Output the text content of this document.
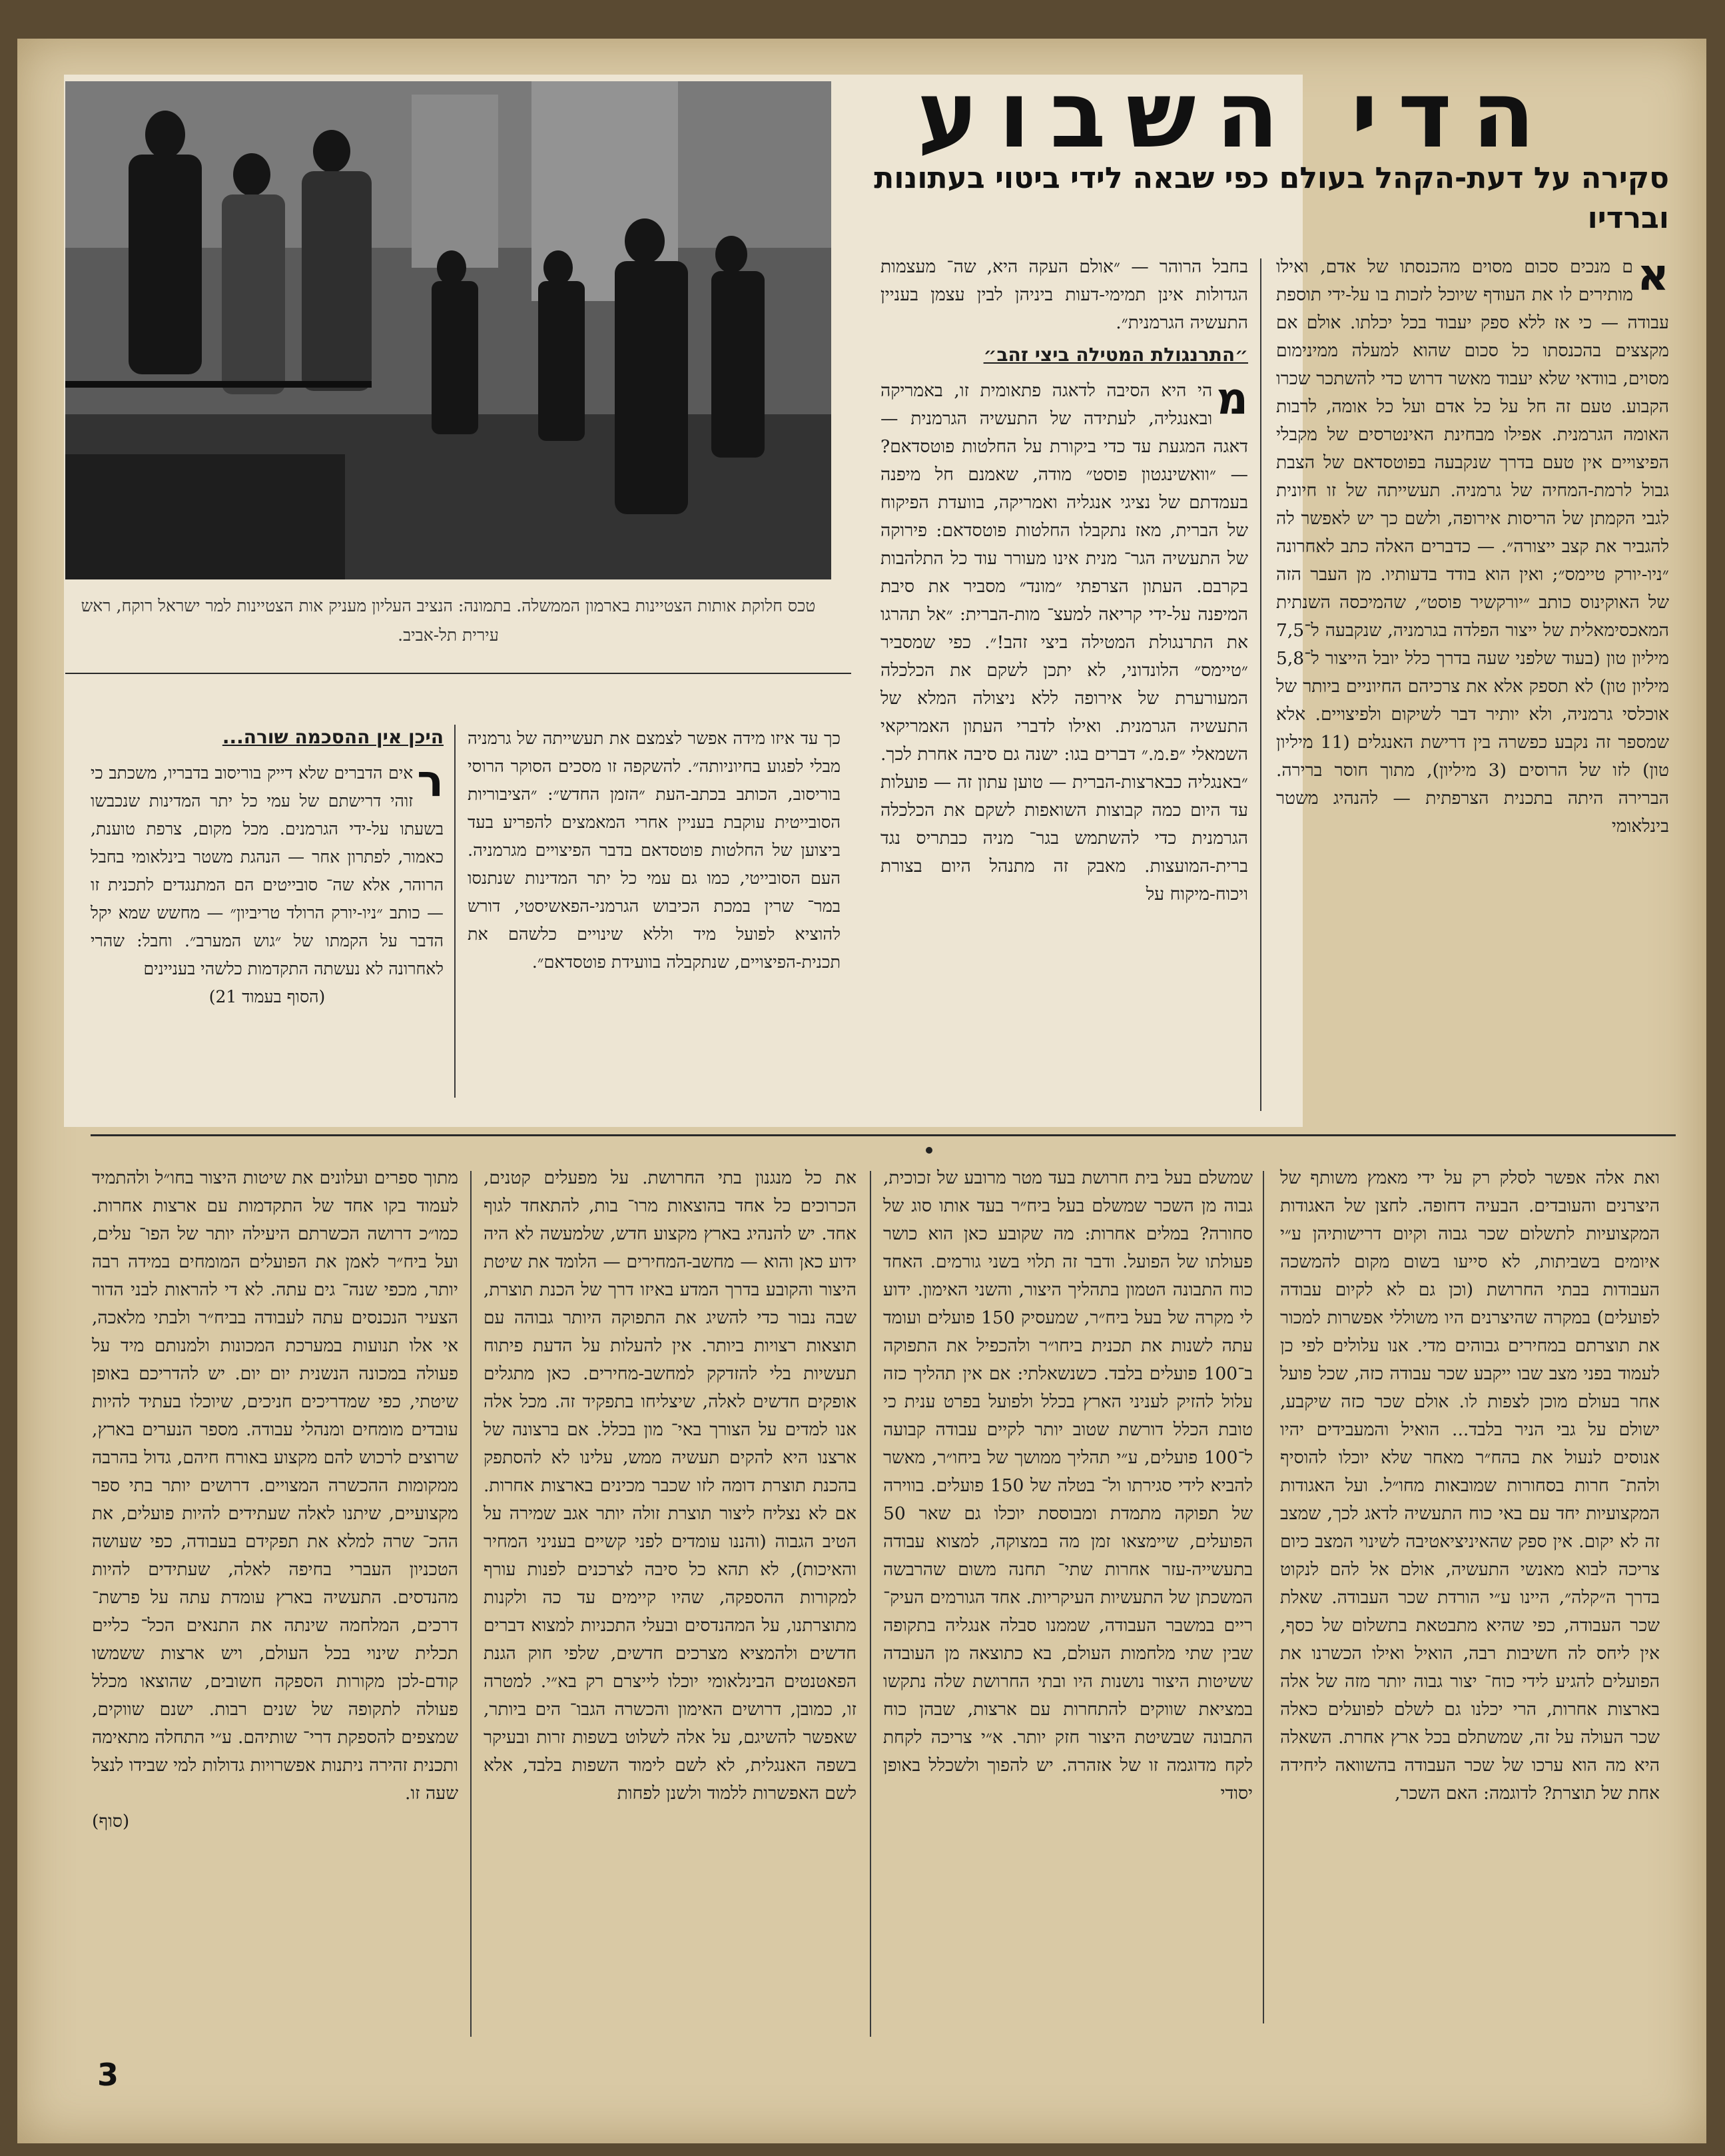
טכס חלוקת אותות הצטיינות בארמון הממשלה. בתמונה: הנציב העליון מעניק אות הצטיינות למר ישראל רוקח, ראש עירית תל-אביב.
הדי השבוע
סקירה על דעת-הקהל בעולם כפי שבאה לידי ביטוי בעתונות וברדיו
א

ם מנכים סכום מסוים מהכנסתו של אדם, ואילו מותירים לו את העודף שיוכל לזכות בו על-ידי תוספת עבודה — כי אז ללא ספק יעבוד בכל יכלתו. אולם אם מקצצים בהכנסתו כל סכום שהוא למעלה ממינימום מסוים, בוודאי שלא יעבוד מאשר דרוש כדי להשתכר שכרו הקבוע. טעם זה חל על כל אדם ועל כל אומה, לרבות האומה הגרמנית. אפילו מבחינת האינטרסים של מקבלי הפיצויים אין טעם בדרך שנקבעה בפוטסדאם של הצבת גבול לרמת-המחיה של גרמניה. תעשייתה של זו חיונית לגבי הקמתן של הריסות אירופה, ולשם כך יש לאפשר לה להגביר את קצב ייצורה״. — כדברים האלה כתב לאחרונה ״ניו-יורק טיימס״; ואין הוא בודד בדעותיו. מן העבר הזה של האוקינוס כותב ״יורקשיר פוסט״, שהמיכסה השנתית המאכסימאלית של ייצור הפלדה בגרמניה, שנקבעה ל־7,5 מיליון טון (בעוד שלפני שעה בדרך כלל יובל הייצור ל־5,8 מיליון טון) לא תספק אלא את צרכיהם החיוניים ביותר של אוכלסי גרמניה, ולא יותיר דבר לשיקום ולפיצויים. אלא שמספר זה נקבע כפשרה בין דרישת האנגלים (11 מיליון טון) לזו של הרוסים (3 מיליון), מתוך חוסר ברירה. הברירה היתה בתכנית הצרפתית — להנהיג משטר בינלאומי

בחבל הרוהר — ״אולם העקה היא, שה־ מעצמות הגדולות אינן תמימי-דעות ביניהן לבין עצמן בעניין התעשיה הגרמנית״.

״התרנגולת המטילה ביצי זהב״
מ

הי היא הסיבה לדאגה פתאומית זו, באמריקה ובאנגליה, לעתידה של התעשיה הגרמנית — דאגה המגעת עד כדי ביקורת על החלטות פוטסדאם? — ״וואשינגטון פוסט״ מודה, שאמנם חל מיפנה בעמדתם של נציגי אנגליה ואמריקה, בוועדת הפיקוח של הברית, מאז נתקבלו החלטות פוטסדאם: פירוקה של התעשיה הגר־ מנית אינו מעורר עוד כל התלהבות בקרבם. העתון הצרפתי ״מונד״ מסביר את סיבת המיפנה על-ידי קריאה למעצ־ מות-הברית: ״אל תהרגו את התרנגולת המטילה ביצי זהב!״. כפי שמסביר ״טיימס״ הלונדוני, לא יתכן לשקם את הכלכלה המעורערת של אירופה ללא ניצולה המלא של התעשיה הגרמנית. ואילו לדברי העתון האמריקאי השמאלי ״פ.מ.״ דברים בגו: ישנה גם סיבה אחרת לכך. ״באנגליה כבארצות-הברית — טוען עתון זה — פועלות עד היום כמה קבוצות השואפות לשקם את הכלכלה הגרמנית כדי להשתמש בגר־ מניה כבתריס נגד ברית-המועצות. מאבק זה מתנהל היום בצורת ויכוח-מיקוח על

היכן אין ההסכמה שורה...
ר

אים הדברים שלא דייק בוריסוב בדבריו, משכתב כי זוהי דרישתם של עמי כל יתר המדינות שנכבשו בשעתו על-ידי הגרמנים. מכל מקום, צרפת טוענת, כאמור, לפתרון אחר — הנהגת משטר בינלאומי בחבל הרוהר, אלא שה־ סובייטים הם המתנגדים לתכנית זו — כותב ״ניו-יורק הרולד טריביון״ — מחשש שמא יקל הדבר על הקמתו של ״גוש המערב״. וחבל: שהרי לאחרונה לא נעשתה התקדמות כלשהי בעניינים

(הסוף בעמוד 21)

כך עד איזו מידה אפשר לצמצם את תעשייתה של גרמניה מבלי לפגוע בחיוניותה״. להשקפה זו מסכים הסוקר הרוסי בוריסוב, הכותב בכתב-העת ״הזמן החדש״: ״הציבוריות הסובייטית עוקבת בעניין אחרי המאמצים להפריע בעד ביצוען של החלטות פוטסדאם בדבר הפיצויים מגרמניה. העם הסובייטי, כמו גם עמי כל יתר המדינות שנתנסו במר־ שרין במכת הכיבוש הגרמני-הפאשיסטי, דורש להוציא לפועל מיד וללא שינויים כלשהם את תכנית-הפיצויים, שנתקבלה בוועידת פוטסדאם״.

ואת אלה אפשר לסלק רק על ידי מאמץ משותף של היצרנים והעובדים. הבעיה דחופה. לחצן של האגודות המקצועיות לתשלום שכר גבוה וקיום דרישותיהן ע״י איומים בשביתות, לא סייעו בשום מקום להמשכה העבודות בבתי החרושת (וכן גם לא לקיום עבודה לפועלים) במקרה שהיצרנים היו משוללי אפשרות למכור את תוצרתם במחירים גבוהים מדי. אנו עלולים לפי כן לעמוד בפני מצב שבו ייקבע שכר עבודה כזה, שכל פועל אחר בעולם מוכן לצפות לו. אולם שכר כזה שיקבע, ישולם על גבי הניר בלבד... הואיל והמעבידים יהיו אנוסים לנעול את בהח״ר מאחר שלא יוכלו להוסיף ולהת־ חרות בסחורות שמובאות מחו״ל. ועל האגודות המקצועיות יחד עם באי כוח התעשיה לדאג לכך, שמצב זה לא יקום. אין ספק שהאיניציאטיבה לשינוי המצב כיום צריכה לבוא מאנשי התעשיה, אולם אל להם לנקוט בדרך ה״קלה״, היינו ע״י הורדת שכר העבודה. שאלת שכר העבודה, כפי שהיא מתבטאת בתשלום של כסף, אין ליחס לה חשיבות רבה, הואיל ואילו הכשרנו את הפועלים להגיע לידי כוח־ יצור גבוה יותר מזה של אלה בארצות אחרות, הרי יכלנו גם לשלם לפועלים כאלה שכר העולה על זה, שמשתלם בכל ארץ אחרת. השאלה היא מה הוא ערכו של שכר העבודה בהשוואה ליחידה אחת של תוצרת? לדוגמה: האם השכר,

שמשלם בעל בית חרושת בעד מטר מרובע של זכוכית, גבוה מן השכר שמשלם בעל ביח״ר בעד אותו סוג של סחורה? במלים אחרות: מה שקובע כאן הוא כושר פעולתו של הפועל. ודבר זה תלוי בשני גורמים. האחד כוח התבונה הטמון בתהליך היצור, והשני האימון. ידוע לי מקרה של בעל ביח״ר, שמעסיק 150 פועלים ועומד עתה לשנות את תכנית ביחו״ר ולהכפיל את התפוקה ב־100 פועלים בלבד. כשנשאלתי: אם אין תהליך כזה עלול להזיק לעניני הארץ בכלל ולפועל בפרט ענית כי טובת הכלל דורשת שטוב יותר לקיים עבודה קבועה ל־100 פועלים, ע״י תהליך ממושך של ביחו״ר, מאשר להביא לידי סגירתו ול־ בטלה של 150 פועלים. בווירה של תפוקה מתמדת ומבוססת יוכלו גם שאר 50 הפועלים, שיימצאו זמן מה במצוקה, למצוא עבודה בתעשייה-עזר אחרות שתי־ תחנה משום שהרבשה המשכתן של התעשיות העיקריות. אחד הגורמים העיק־ ריים במשבר העבודה, שממנו סבלה אנגליה בתקופה שבין שתי מלחמות העולם, בא כתוצאה מן העובדה ששיטות היצור נושנות היו ובתי החרושת שלה נתקשו במציאת שווקים להתחרות עם ארצות, שבהן כוח התבונה שבשיטת היצור חזק יותר. א״י צריכה לקחת לקח מדוגמה זו של אזהרה. יש להפוך ולשכלל באופן יסודי

את כל מנגנון בתי החרושת. על מפעלים קטנים, הכרוכים כל אחד בהוצאות מרו־ בות, להתאחד לגוף אחד. יש להנהיג בארץ מקצוע חדש, שלמעשה לא היה ידוע כאן והוא — מחשב-המחירים — הלומד את שיטת היצור והקובע בדרך המדע באיזו דרך של הכנת תוצרת, שבה נבור כדי להשיג את התפוקה היותר גבוהה עם תוצאות רצויות ביותר. אין להעלות על הדעת פיתוח תעשיות בלי להזדקק למחשב-מחירים. כאן מתגלים אופקים חדשים לאלה, שיצליחו בתפקיד זה. מכל אלה אנו למדים על הצורך באי־ מון בכלל. אם ברצונה של ארצנו היא להקים תעשיה ממש, עלינו לא להסתפק בהכנת תוצרת דומה לזו שכבר מכינים בארצות אחרות. אם לא נצליח ליצור תוצרת זולה יותר אגב שמירה על הטיב הגבוה (והננו עומדים לפני קשיים בעניני המחיר והאיכות), לא תהא כל סיבה לצרכנים לפנות עורף למקורות ההספקה, שהיו קיימים עד כה ולקנות מתוצרתנו, על המהנדסים ובעלי התכניות למצוא דברים חדשים ולהמציא מצרכים חדשים, שלפי חוק הגנת הפאטנטים הבינלאומי יוכלו לייצרם רק בא״י. למטרה זו, כמובן, דרושים האימון והכשרה הגבו־ הים ביותר, שאפשר להשיגם, על אלה לשלוט בשפות זרות ובעיקר בשפה האנגלית, לא לשם לימוד השפות בלבד, אלא לשם האפשרות ללמוד ולשנן לפחות

מתוך ספרים ועלונים את שיטות היצור בחו״ל ולהתמיד לעמוד בקו אחד של התקדמות עם ארצות אחרות. כמו״כ דרושה הכשרתם היעילה יותר של הפו־ עלים, ועל ביח״ר לאמן את הפועלים המומחים במידה רבה יותר, מכפי שנה־ גים עתה. לא די להראות לבני הדור הצעיר הנכנסים עתה לעבודה בביח״ר ולבתי מלאכה, אי אלו תנועות במערכת המכונות ולמנותם מיד על פעולה במכונה הנשנית יום יום. יש להדריכם באופן שיטתי, כפי שמדריכים חניכים, שיוכלו בעתיד להיות עובדים מומחים ומנהלי עבודה. מספר הנערים בארץ, שרוצים לרכוש להם מקצוע באורח חיהם, גדול בהרבה ממקומות ההכשרה המצויים. דרושים יותר בתי ספר מקצועיים, שיתנו לאלה שעתידים להיות פועלים, את ההכ־ שרה למלא את תפקידם בעבודה, כפי שעושה הטכניון העברי בחיפה לאלה, שעתידים להיות מהנדסים. התעשיה בארץ עומדת עתה על פרשת־ דרכים, המלחמה שינתה את התנאים הכל־ כליים תכלית שינוי בכל העולם, ויש ארצות ששמשו קודם-לכן מקורות הספקה חשובים, שהוצאו מכלל פעולה לתקופה של שנים רבות. ישנם שווקים, שמצפים להספקת דרי־ שותיהם. ע״י התחלה מתאימה ותכנית זהירה ניתנות אפשרויות גדולות למי שבידו לנצל שעה זו.

(סוף)

3
